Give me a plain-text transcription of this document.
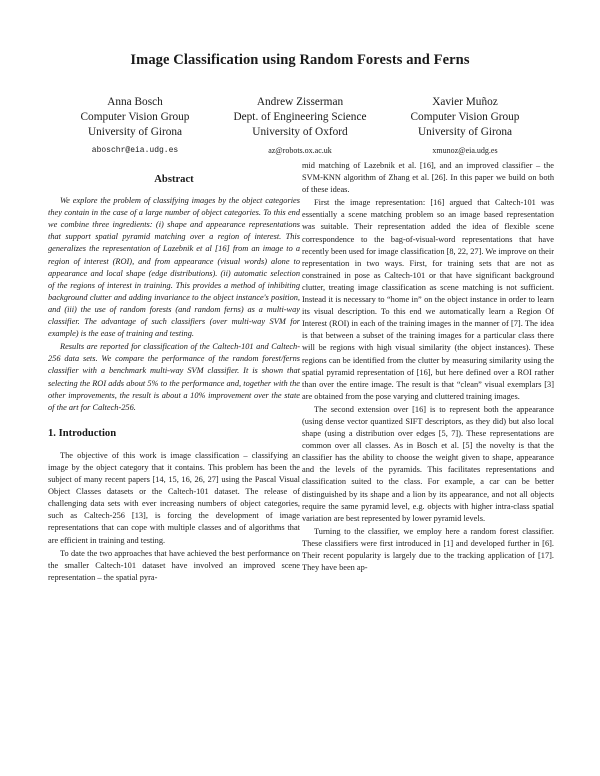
Image Classification using Random Forests and Ferns
Anna Bosch
Computer Vision Group
University of Girona
aboschr@eia.udg.es
Andrew Zisserman
Dept. of Engineering Science
University of Oxford
az@robots.ox.ac.uk
Xavier Muñoz
Computer Vision Group
University of Girona
xmunoz@eia.udg.es
Abstract

We explore the problem of classifying images by the object categories they contain in the case of a large number of object categories. To this end we combine three ingredients: (i) shape and appearance representations that support spatial pyramid matching over a region of interest. This generalizes the representation of Lazebnik et al [16] from an image to a region of interest (ROI), and from appearance (visual words) alone to appearance and local shape (edge distributions). (ii) automatic selection of the regions of interest in training. This provides a method of inhibiting background clutter and adding invariance to the object instance's position, and (iii) the use of random forests (and random ferns) as a multi-way classifier. The advantage of such classifiers (over multi-way SVM for example) is the ease of training and testing.

Results are reported for classification of the Caltech-101 and Caltech-256 data sets. We compare the performance of the random forest/ferns classifier with a benchmark multi-way SVM classifier. It is shown that selecting the ROI adds about 5% to the performance and, together with the other improvements, the result is about a 10% improvement over the state of the art for Caltech-256.

1. Introduction

The objective of this work is image classification – classifying an image by the object category that it contains. This problem has been the subject of many recent papers [14, 15, 16, 26, 27] using the Pascal Visual Object Classes datasets or the Caltech-101 dataset. The release of challenging data sets with ever increasing numbers of object categories, such as Caltech-256 [13], is forcing the development of image representations that can cope with multiple classes and of algorithms that are efficient in training and testing.

To date the two approaches that have achieved the best performance on the smaller Caltech-101 dataset have involved an improved scene representation – the spatial pyra-

mid matching of Lazebnik et al. [16], and an improved classifier – the SVM-KNN algorithm of Zhang et al. [26]. In this paper we build on both of these ideas.

First the image representation: [16] argued that Caltech-101 was essentially a scene matching problem so an image based representation was suitable. Their representation added the idea of flexible scene correspondence to the bag-of-visual-word representations that have recently been used for image classification [8, 22, 27]. We improve on their representation in two ways. First, for training sets that are not as constrained in pose as Caltech-101 or that have significant background clutter, treating image classification as scene matching is not sufficient. Instead it is necessary to “home in” on the object instance in order to learn its visual description. To this end we automatically learn a Region Of Interest (ROI) in each of the training images in the manner of [7]. The idea is that between a subset of the training images for a particular class there will be regions with high visual similarity (the object instances). These regions can be identified from the clutter by measuring similarity using the spatial pyramid representation of [16], but here defined over a ROI rather than over the entire image. The result is that “clean” visual exemplars [3] are obtained from the pose varying and cluttered training images.

The second extension over [16] is to represent both the appearance (using dense vector quantized SIFT descriptors, as they did) but also local shape (using a distribution over edges [5, 7]). These representations are common over all classes. As in Bosch et al. [5] the novelty is that the classifier has the ability to choose the weight given to shape, appearance and the levels of the pyramids. This facilitates representations and classification suited to the class. For example, a car can be better distinguished by its shape and a lion by its appearance, and not all objects require the same pyramid level, e.g. objects with higher intra-class spatial variation are best represented by lower pyramid levels.

Turning to the classifier, we employ here a random forest classifier. These classifiers were first introduced in [1] and developed further in [6]. Their recent popularity is largely due to the tracking application of [17]. They have been ap-
